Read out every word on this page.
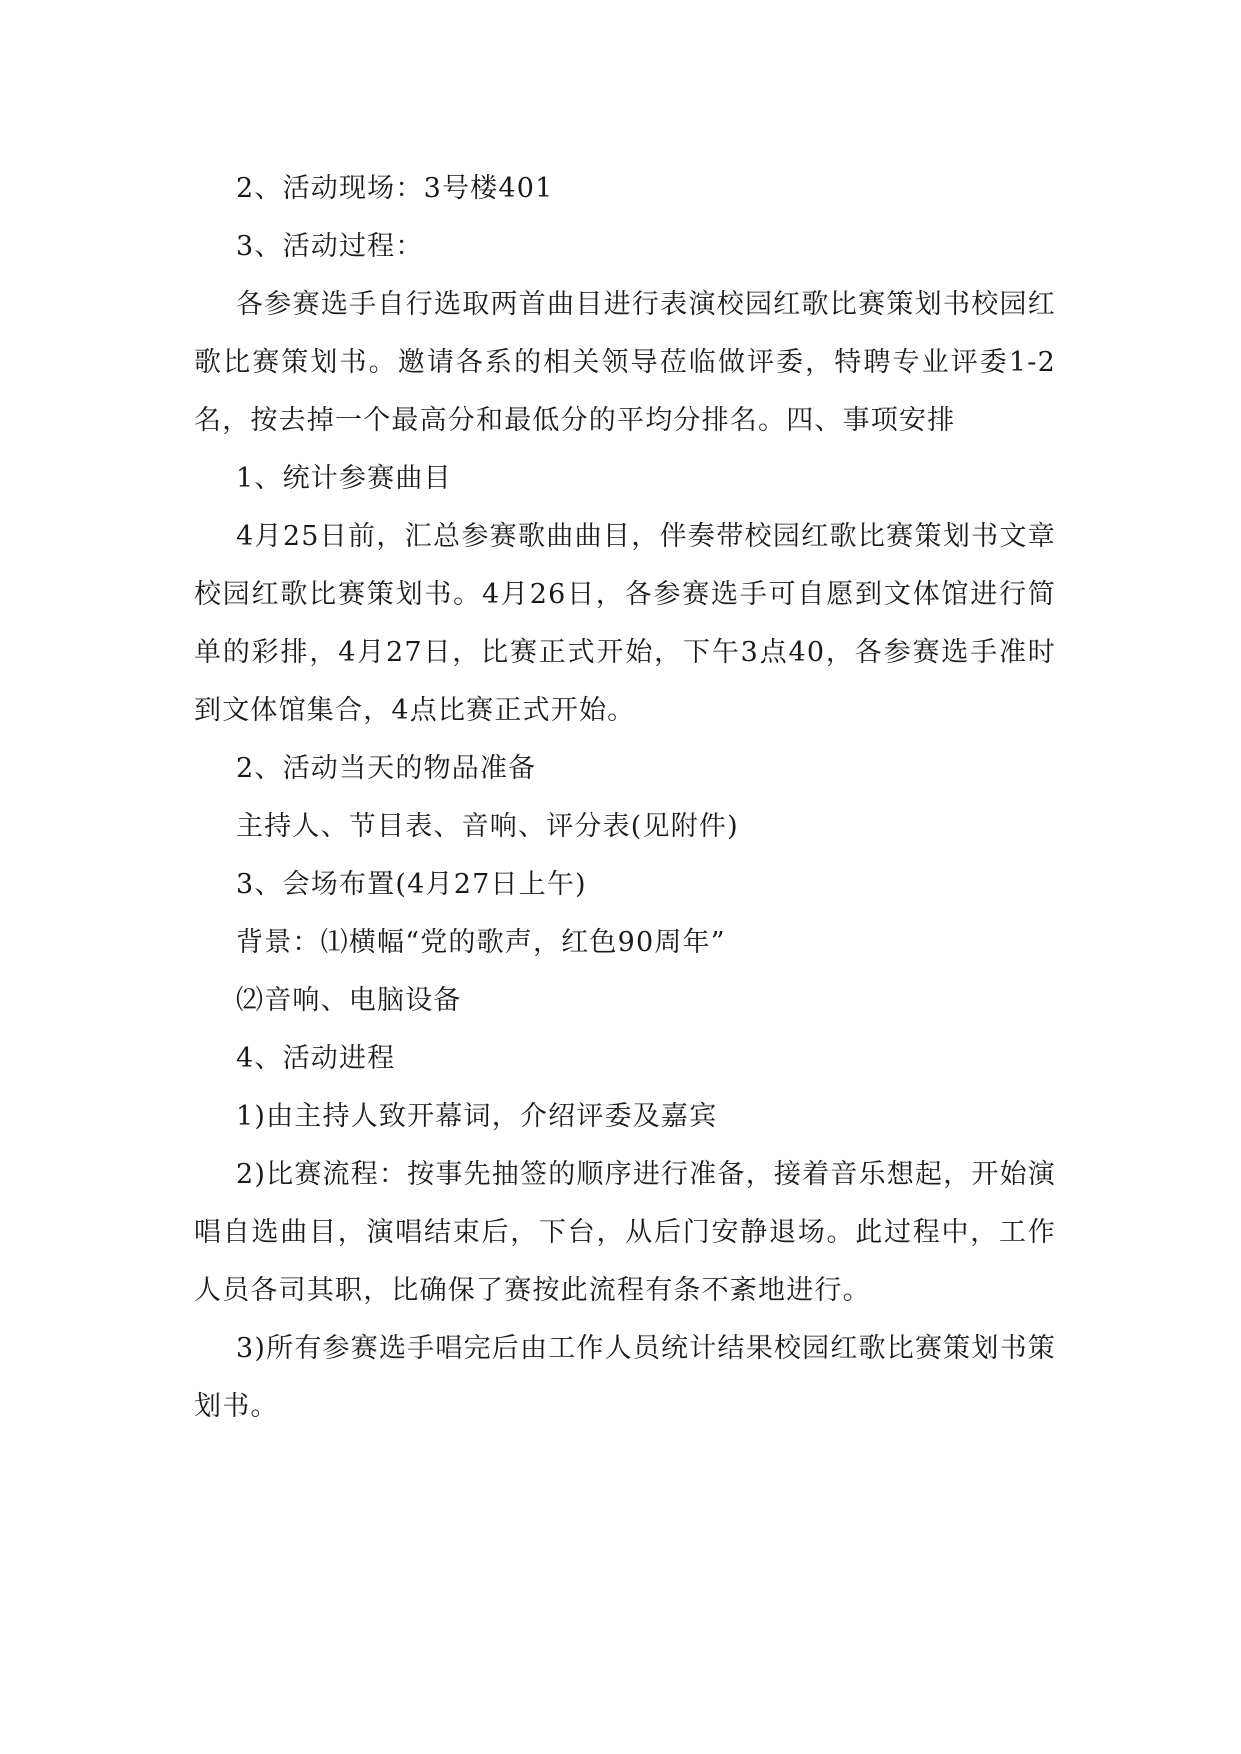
2、活动现场：3号楼401

3、活动过程：

各参赛选手自行选取两首曲目进行表演校园红歌比赛策划书校园红歌比赛策划书。邀请各系的相关领导莅临做评委，特聘专业评委1-2名，按去掉一个最高分和最低分的平均分排名。四、事项安排

1、统计参赛曲目

4月25日前，汇总参赛歌曲曲目，伴奏带校园红歌比赛策划书文章校园红歌比赛策划书。4月26日，各参赛选手可自愿到文体馆进行简单的彩排，4月27日，比赛正式开始，下午3点40，各参赛选手准时到文体馆集合，4点比赛正式开始。

2、活动当天的物品准备

主持人、节目表、音响、评分表(见附件)

3、会场布置(4月27日上午)

背景：⑴横幅“党的歌声，红色90周年”

⑵音响、电脑设备

4、活动进程

1)由主持人致开幕词，介绍评委及嘉宾

2)比赛流程：按事先抽签的顺序进行准备，接着音乐想起，开始演唱自选曲目，演唱结束后，下台，从后门安静退场。此过程中，工作人员各司其职，比确保了赛按此流程有条不紊地进行。

3)所有参赛选手唱完后由工作人员统计结果校园红歌比赛策划书策划书。
